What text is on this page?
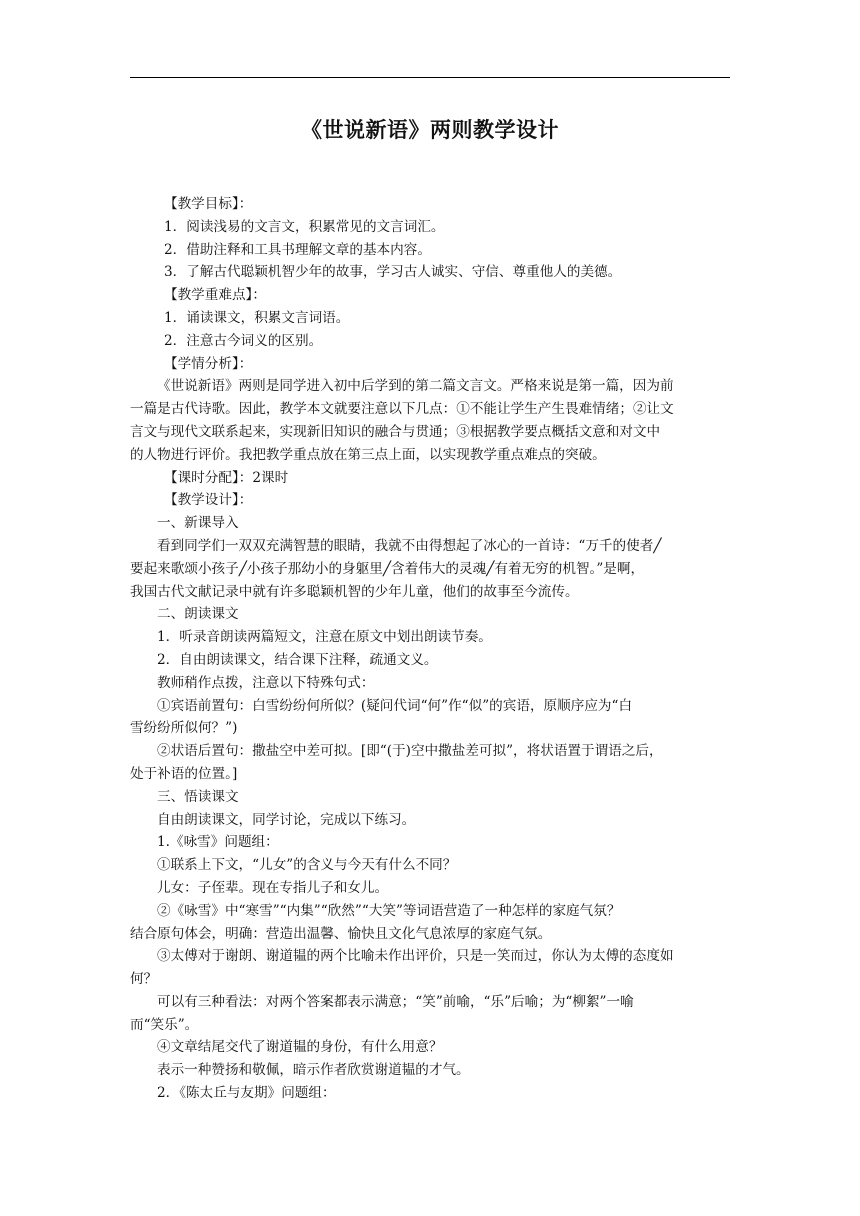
《世说新语》两则教学设计
【教学目标】：
1．阅读浅易的文言文，积累常见的文言词汇。
2．借助注释和工具书理解文章的基本内容。
3．了解古代聪颖机智少年的故事，学习古人诚实、守信、尊重他人的美德。
【教学重难点】：
1．诵读课文，积累文言词语。
2．注意古今词义的区别。
【学情分析】：
《世说新语》两则是同学进入初中后学到的第二篇文言文。严格来说是第一篇，因为前
一篇是古代诗歌。因此，教学本文就要注意以下几点：①不能让学生产生畏难情绪；②让文
言文与现代文联系起来，实现新旧知识的融合与贯通；③根据教学要点概括文意和对文中
的人物进行评价。我把教学重点放在第三点上面，以实现教学重点难点的突破。
【课时分配】：2课时
【教学设计】：
一、新课导入
看到同学们一双双充满智慧的眼睛，我就不由得想起了冰心的一首诗：“万千的使者╱
要起来歌颂小孩子╱小孩子那幼小的身躯里╱含着伟大的灵魂╱有着无穷的机智。”是啊，
我国古代文献记录中就有许多聪颖机智的少年儿童，他们的故事至今流传。
二、朗读课文
1．听录音朗读两篇短文，注意在原文中划出朗读节奏。
2．自由朗读课文，结合课下注释，疏通文义。
教师稍作点拨，注意以下特殊句式：
①宾语前置句：白雪纷纷何所似？(疑问代词“何”作“似”的宾语，原顺序应为“白
雪纷纷所似何？”)
②状语后置句：撒盐空中差可拟。[即“(于)空中撒盐差可拟”，将状语置于谓语之后，
处于补语的位置。]
三、悟读课文
自由朗读课文，同学讨论，完成以下练习。
1.《咏雪》问题组：
①联系上下文，“儿女”的含义与今天有什么不同？
儿女：子侄辈。现在专指儿子和女儿。
②《咏雪》中“寒雪”“内集”“欣然”“大笑”等词语营造了一种怎样的家庭气氛？
结合原句体会，明确：营造出温馨、愉快且文化气息浓厚的家庭气氛。
③太傅对于谢朗、谢道韫的两个比喻未作出评价，只是一笑而过，你认为太傅的态度如
何？
可以有三种看法：对两个答案都表示满意；“笑”前喻，“乐”后喻；为“柳絮”一喻
而“笑乐”。
④文章结尾交代了谢道韫的身份，有什么用意？
表示一种赞扬和敬佩，暗示作者欣赏谢道韫的才气。
2．《陈太丘与友期》问题组：
